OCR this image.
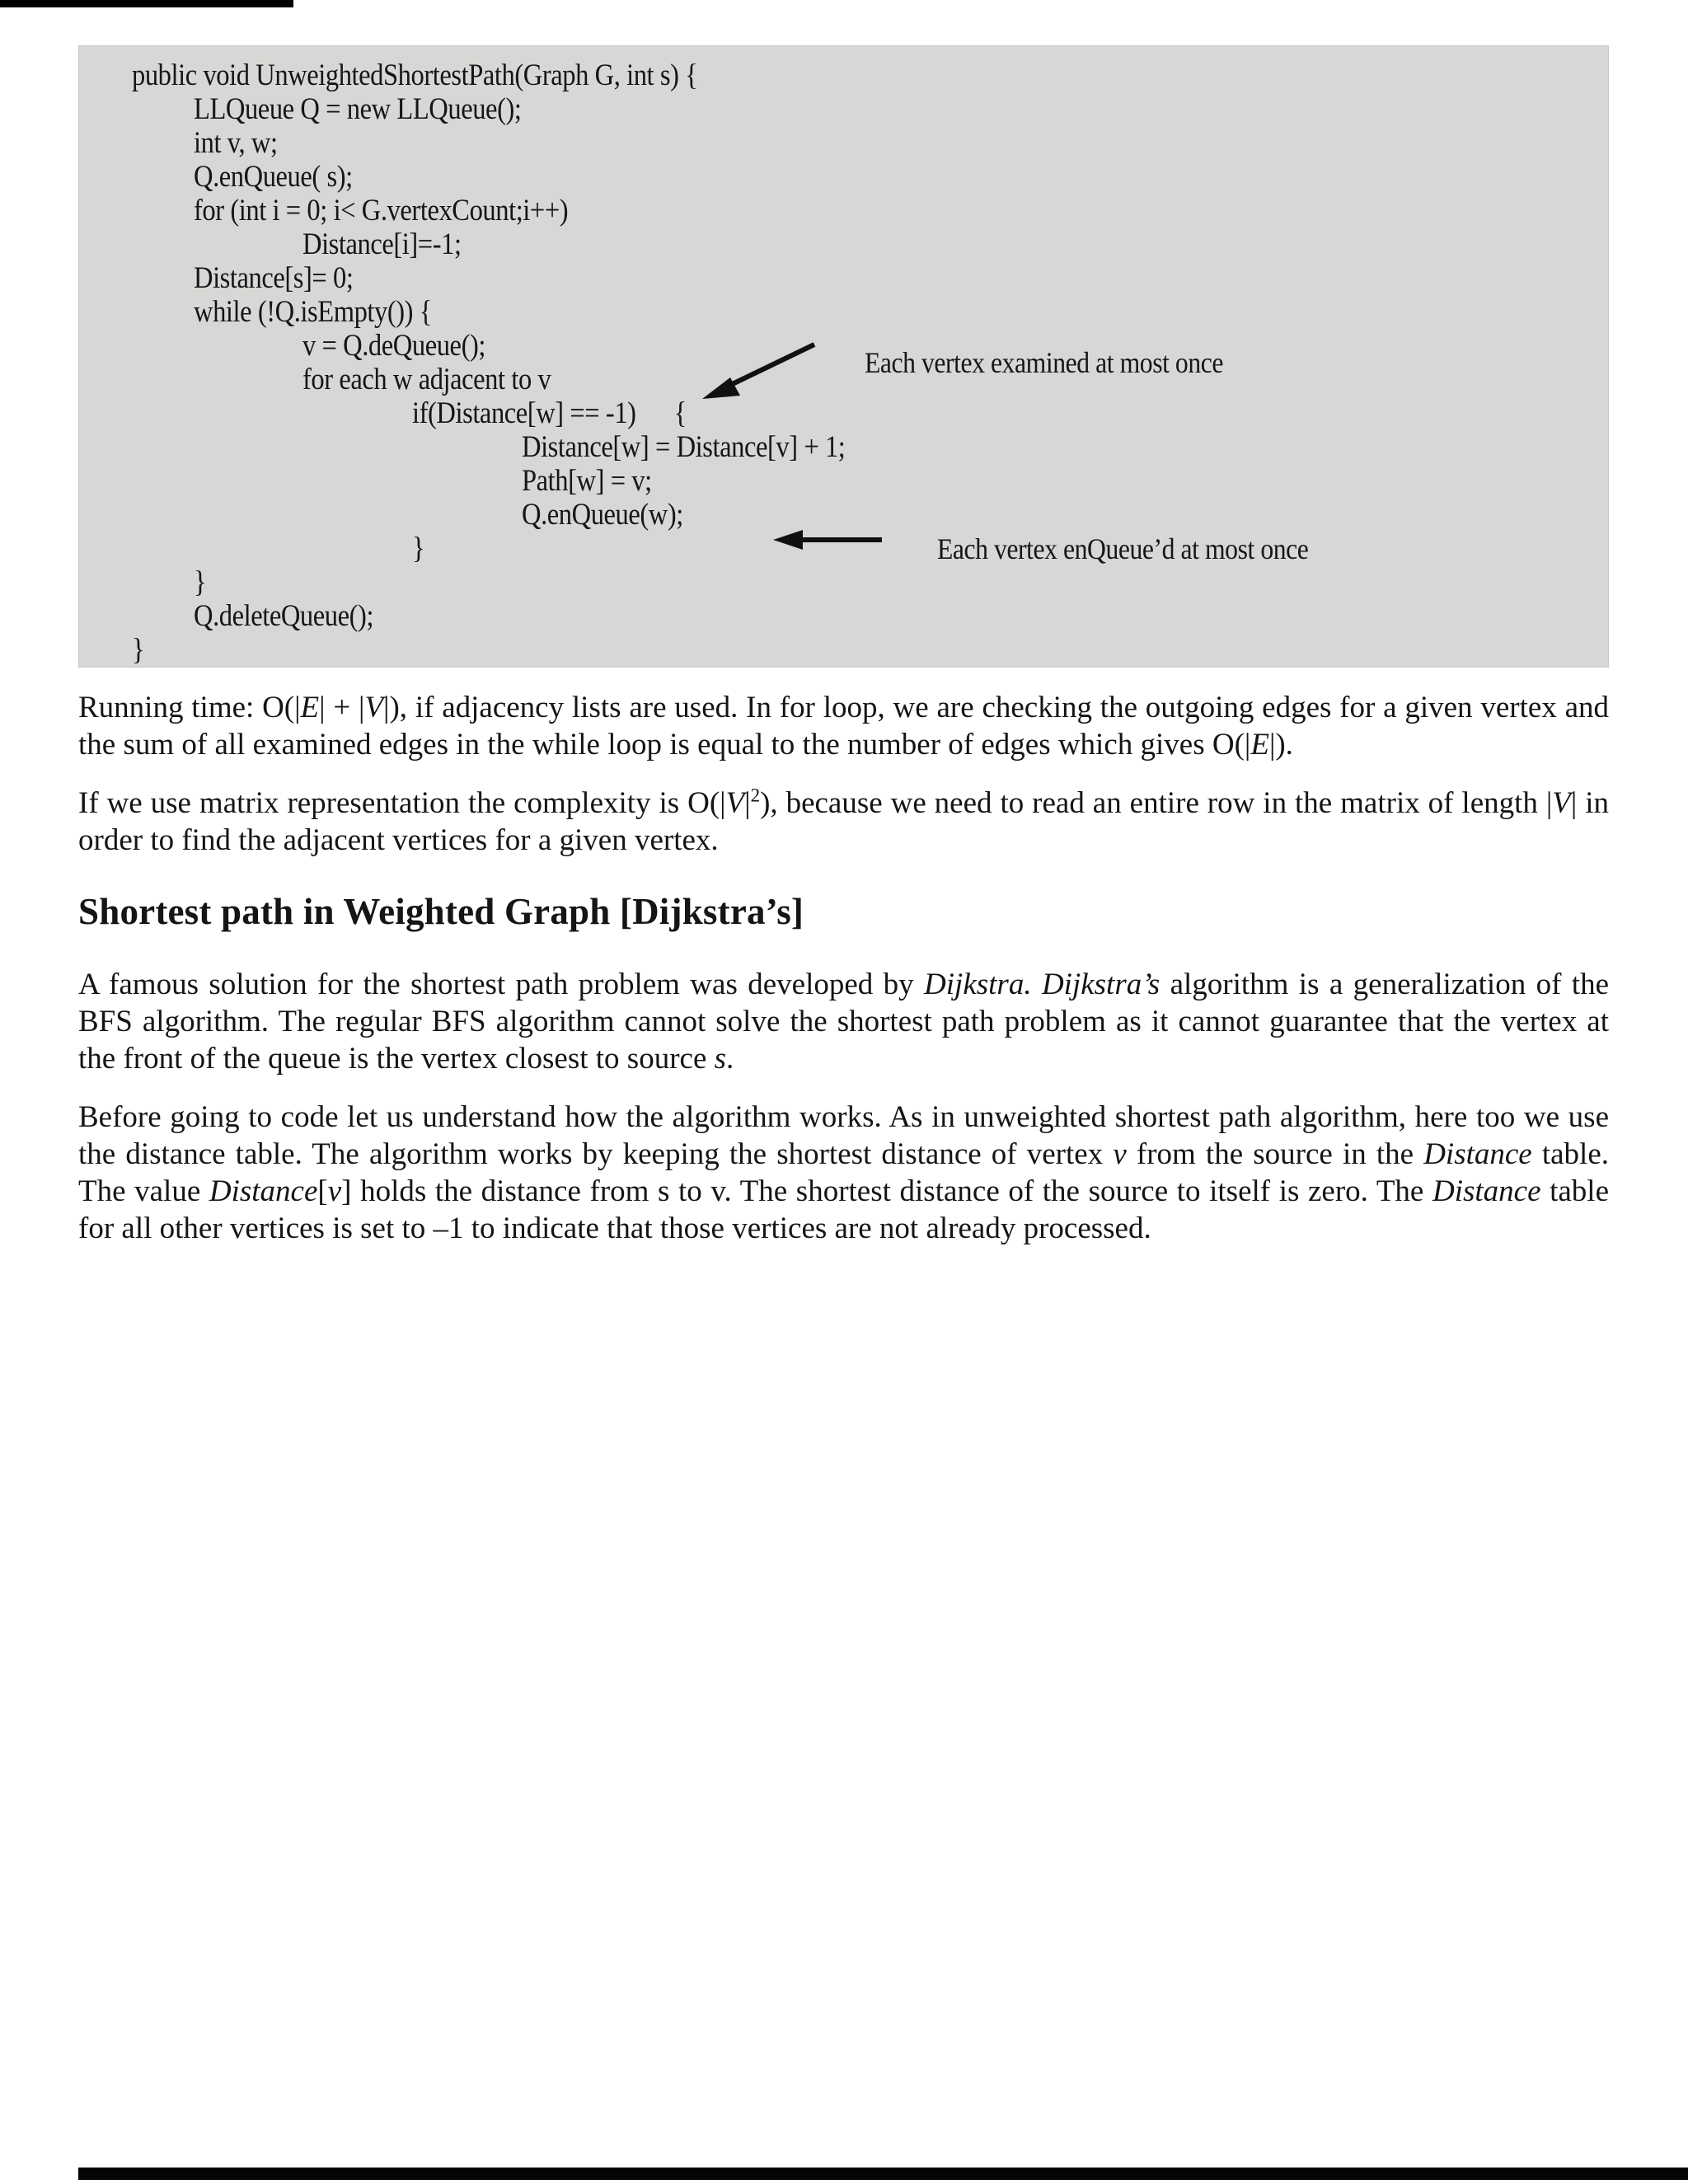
public void UnweightedShortestPath(Graph G, int s) {
LLQueue Q = new LLQueue();
int v, w;
Q.enQueue( s);
for (int i = 0; i< G.vertexCount;i++)
Distance[i]=-1;
Distance[s]= 0;
while (!Q.isEmpty()) {
v = Q.deQueue();
for each w adjacent to v
if(Distance[w] == -1)      {
Distance[w] = Distance[v] + 1;
Path[w] = v;
Q.enQueue(w);
}
}
Q.deleteQueue();
}

Each vertex examined at most once

Each vertex enQueue’d at most once

Running time: O(|E| + |V|), if adjacency lists are used. In for loop, we are checking the outgoing edges for a given vertex and the sum of all examined edges in the while loop is equal to the number of edges which gives O(|E|).

If we use matrix representation the complexity is $O(|V|^2)$, because we need to read an entire row in the matrix of length |V| in order to find the adjacent vertices for a given vertex.

Shortest path in Weighted Graph [Dijkstra’s]

A famous solution for the shortest path problem was developed by Dijkstra. Dijkstra’s algorithm is a generalization of the BFS algorithm. The regular BFS algorithm cannot solve the shortest path problem as it cannot guarantee that the vertex at the front of the queue is the vertex closest to source s.

Before going to code let us understand how the algorithm works. As in unweighted shortest path algorithm, here too we use the distance table. The algorithm works by keeping the shortest distance of vertex v from the source in the Distance table. The value Distance[v] holds the distance from s to v. The shortest distance of the source to itself is zero. The Distance table for all other vertices is set to –1 to indicate that those vertices are not already processed.
